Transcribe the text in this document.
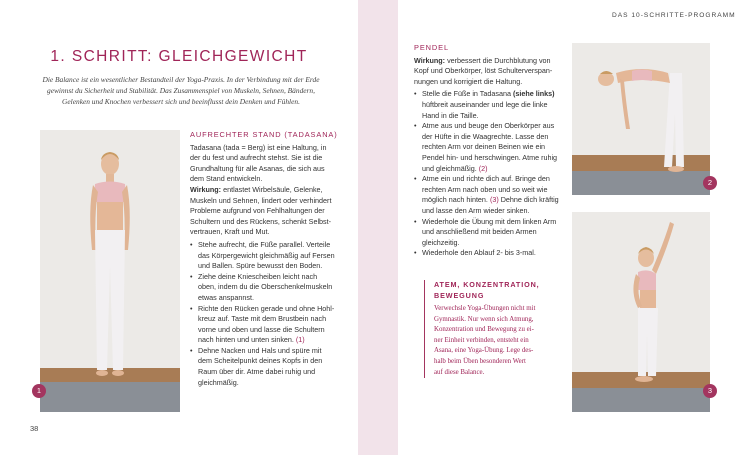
DAS 10-SCHRITTE-PROGRAMM
1. SCHRITT: GLEICHGEWICHT
Die Balance ist ein wesentlicher Bestandteil der Yoga-Praxis. In der Verbindung mit der Erde
gewinnst du Sicherheit und Stabilität. Das Zusammenspiel von Muskeln, Sehnen, Bändern,
Gelenken und Knochen verbessert sich und beeinflusst dein Denken und Fühlen.
1
AUFRECHTER STAND (TADASANA)

Tadasana (tada = Berg) ist eine Haltung, in
der du fest und aufrecht stehst. Sie ist die
Grundhaltung für alle Asanas, die sich aus
dem Stand entwickeln.

Wirkung: entlastet Wirbelsäule, Gelenke,
Muskeln und Sehnen, lindert oder verhindert
Probleme aufgrund von Fehlhaltungen der
Schultern und des Rückens, schenkt Selbst-
vertrauen, Kraft und Mut.

• Stehe aufrecht, die Füße parallel. Verteile
das Körpergewicht gleichmäßig auf Fersen
und Ballen. Spüre bewusst den Boden.
• Ziehe deine Kniescheiben leicht nach
oben, indem du die Oberschenkelmuskeln
etwas anspannst.
• Richte den Rücken gerade und ohne Hohl-
kreuz auf. Taste mit dem Brustbein nach
vorne und oben und lasse die Schultern
nach hinten und unten sinken. (1)
• Dehne Nacken und Hals und spüre mit
dem Scheitelpunkt deines Kopfs in den
Raum über dir. Atme dabei ruhig und
gleichmäßig.
PENDEL

Wirkung: verbessert die Durchblutung von
Kopf und Oberkörper, löst Schulterverspan-
nungen und korrigiert die Haltung.

• Stelle die Füße in Tadasana (siehe links)
hüftbreit auseinander und lege die linke
Hand in die Taille.
• Atme aus und beuge den Oberkörper aus
der Hüfte in die Waagrechte. Lasse den
rechten Arm vor deinen Beinen wie ein
Pendel hin- und herschwingen. Atme ruhig
und gleichmäßig. (2)
• Atme ein und richte dich auf. Bringe den
rechten Arm nach oben und so weit wie
möglich nach hinten. (3) Dehne dich kräftig
und lasse den Arm wieder sinken.
• Wiederhole die Übung mit dem linken Arm
und anschließend mit beiden Armen
gleichzeitig.
• Wiederhole den Ablauf 2- bis 3-mal.
ATEM, KONZENTRATION,
BEWEGUNG
Verwechsle Yoga-Übungen nicht mit
Gymnastik. Nur wenn sich Atmung,
Konzentration und Bewegung zu ei-
ner Einheit verbinden, entsteht ein
Asana, eine Yoga-Übung. Lege des-
halb beim Üben besonderen Wert
auf diese Balance.
2
3
38
